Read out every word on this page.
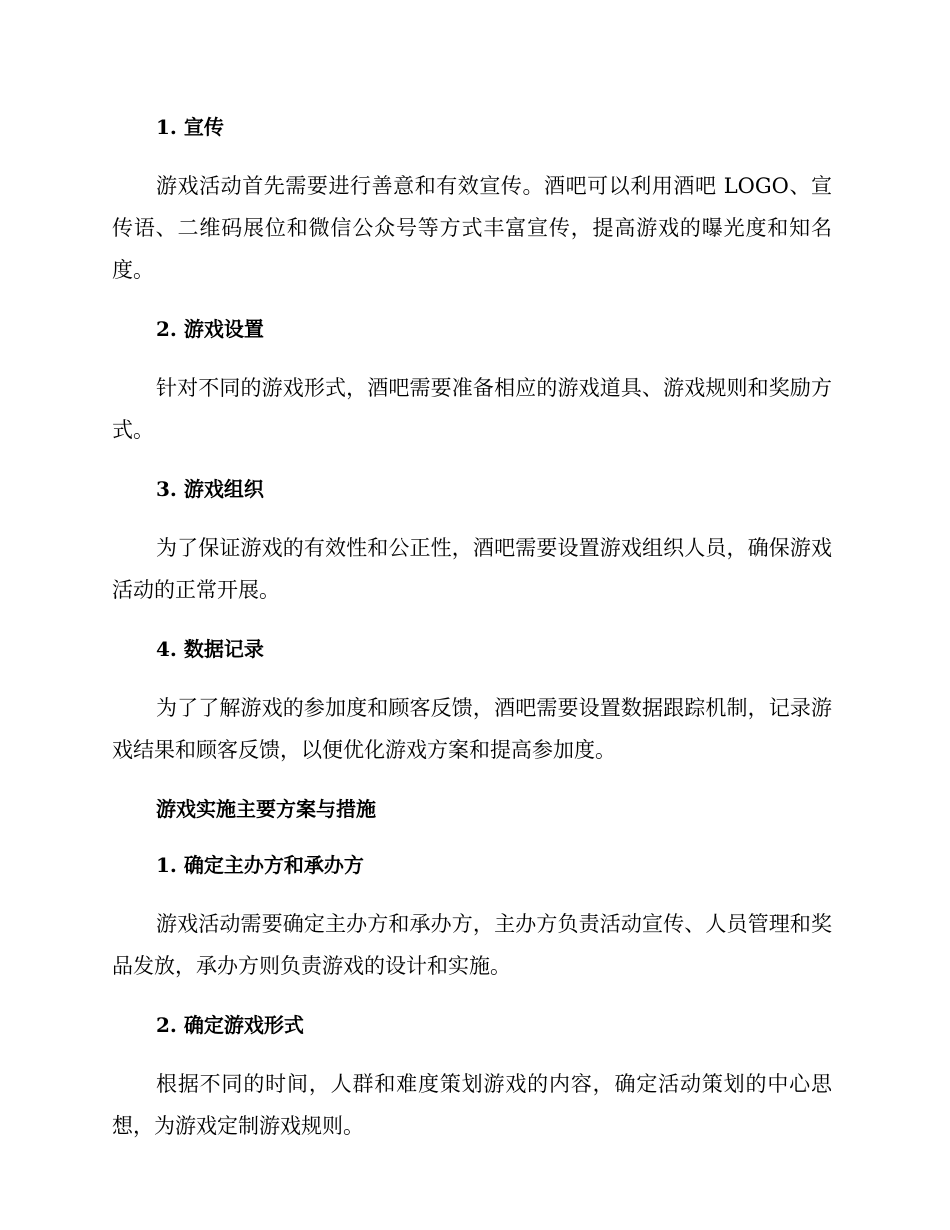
1. 宣传

游戏活动首先需要进行善意和有效宣传。酒吧可以利用酒吧 LOGO、宣传语、二维码展位和微信公众号等方式丰富宣传，提高游戏的曝光度和知名度。

2. 游戏设置

针对不同的游戏形式，酒吧需要准备相应的游戏道具、游戏规则和奖励方式。

3. 游戏组织

为了保证游戏的有效性和公正性，酒吧需要设置游戏组织人员，确保游戏活动的正常开展。

4. 数据记录

为了了解游戏的参加度和顾客反馈，酒吧需要设置数据跟踪机制，记录游戏结果和顾客反馈，以便优化游戏方案和提高参加度。

游戏实施主要方案与措施
1. 确定主办方和承办方

游戏活动需要确定主办方和承办方，主办方负责活动宣传、人员管理和奖品发放，承办方则负责游戏的设计和实施。

2. 确定游戏形式

根据不同的时间，人群和难度策划游戏的内容，确定活动策划的中心思想，为游戏定制游戏规则。
